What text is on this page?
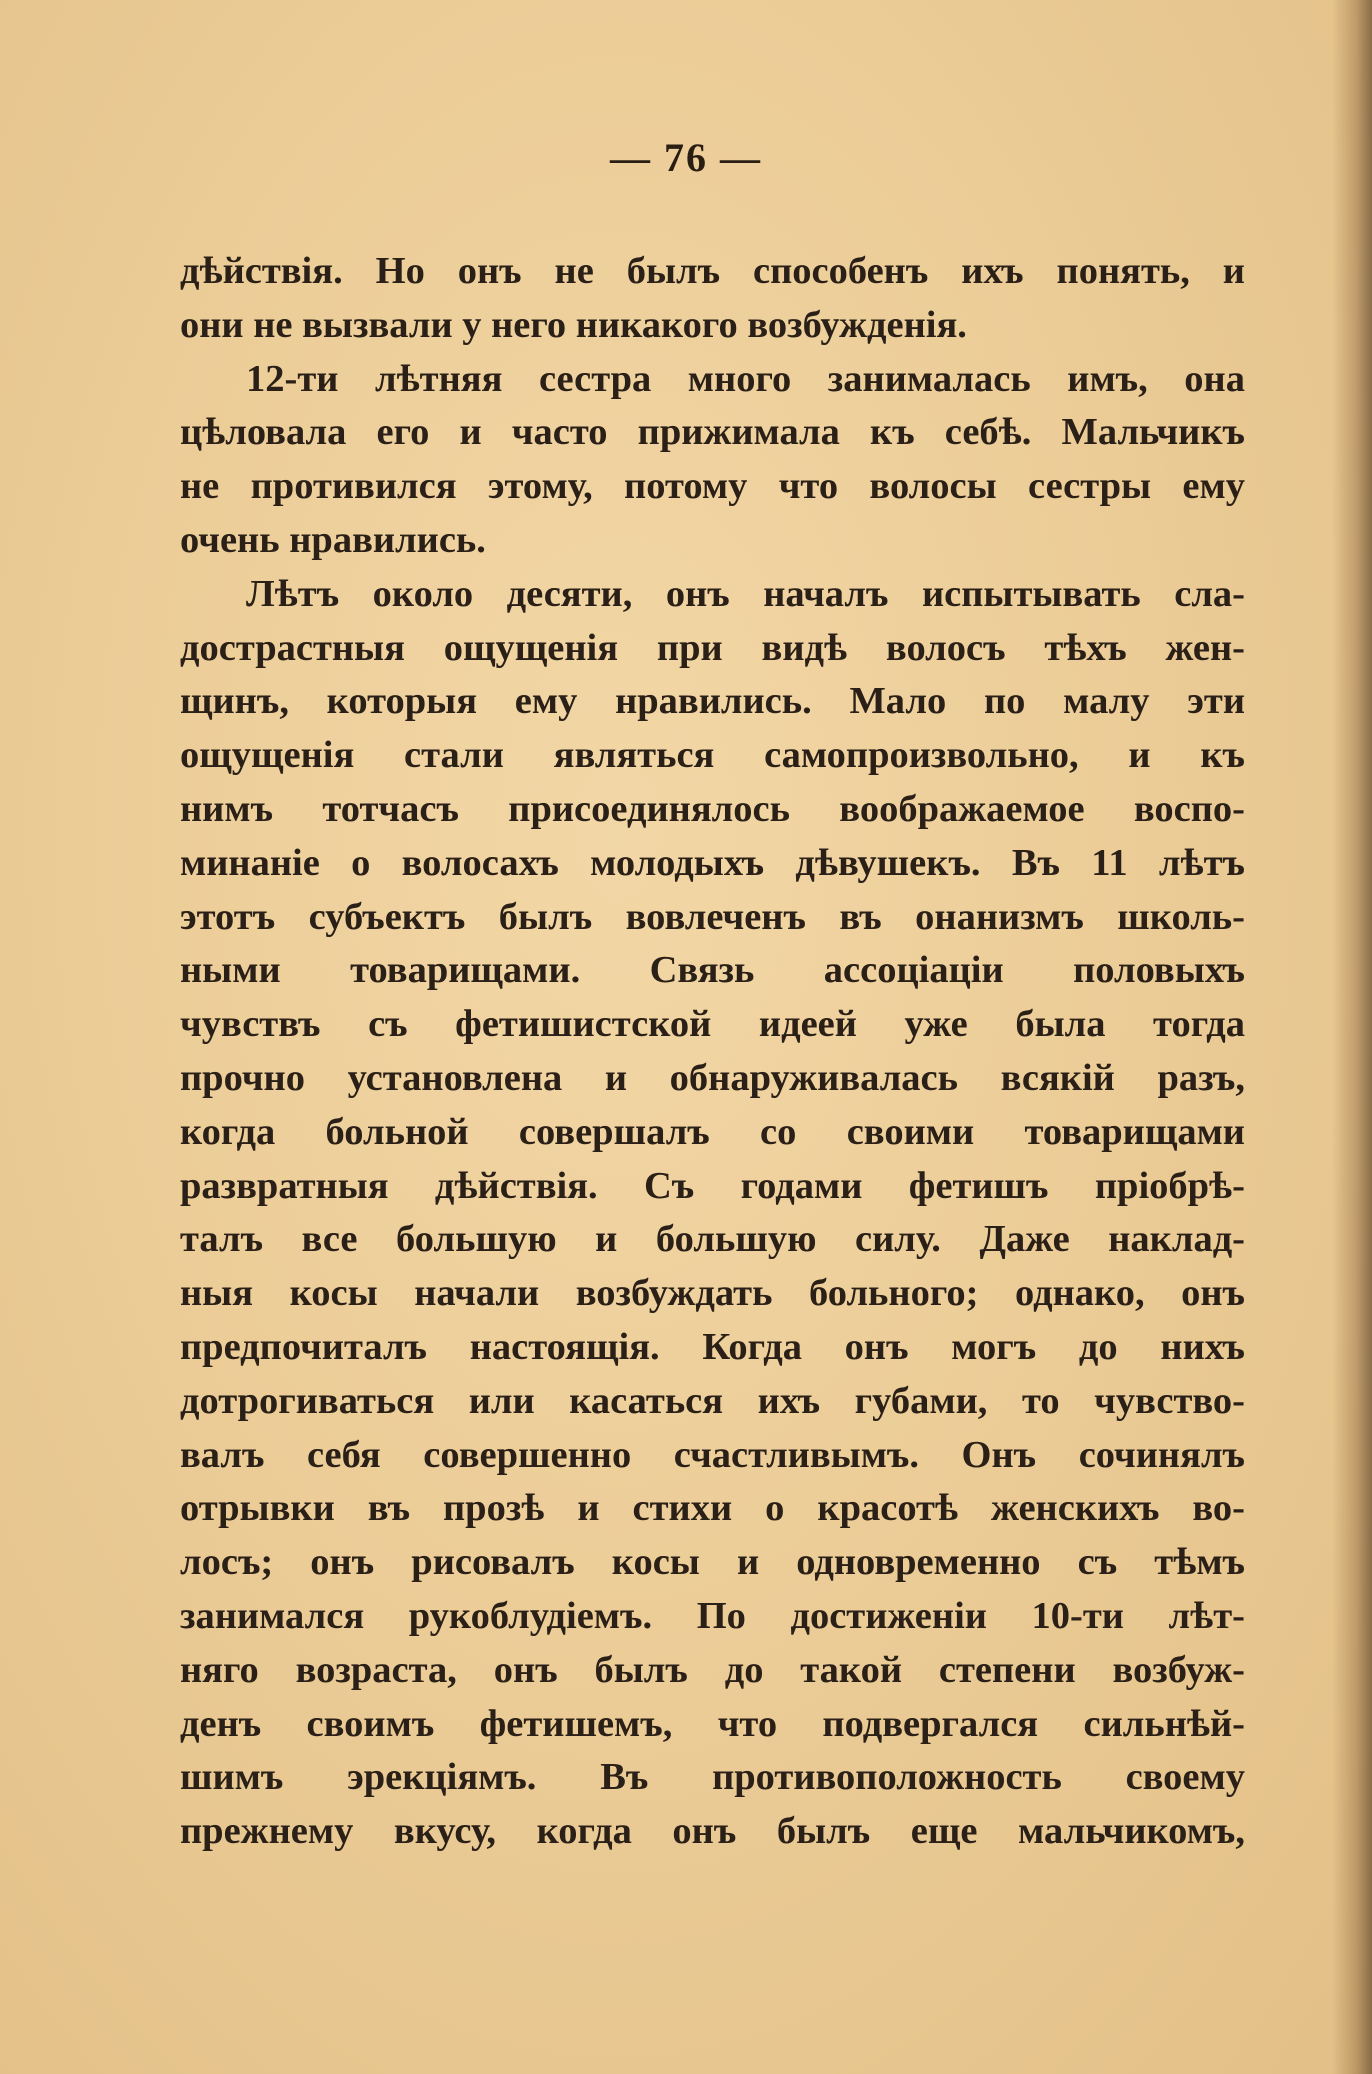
— 76 —
дѣйствія. Но онъ не былъ способенъ ихъ понять, и
они не вызвали у него никакого возбужденія.
12-ти лѣтняя сестра много занималась имъ, она
цѣловала его и часто прижимала къ себѣ. Мальчикъ
не противился этому, потому что волосы сестры ему
очень нравились.
Лѣтъ около десяти, онъ началъ испытывать сла-
дострастныя ощущенія при видѣ волосъ тѣхъ жен-
щинъ, которыя ему нравились. Мало по малу эти
ощущенія стали являться самопроизвольно, и къ
нимъ тотчасъ присоединялось воображаемое воспо-
минаніе о волосахъ молодыхъ дѣвушекъ. Въ 11 лѣтъ
этотъ субъектъ былъ вовлеченъ въ онанизмъ школь-
ными товарищами. Связь ассоціаціи половыхъ
чувствъ съ фетишистской идеей уже была тогда
прочно установлена и обнаруживалась всякій разъ,
когда больной совершалъ со своими товарищами
развратныя дѣйствія. Съ годами фетишъ пріобрѣ-
талъ все большую и большую силу. Даже наклад-
ныя косы начали возбуждать больного; однако, онъ
предпочиталъ настоящія. Когда онъ могъ до нихъ
дотрогиваться или касаться ихъ губами, то чувство-
валъ себя совершенно счастливымъ. Онъ сочинялъ
отрывки въ прозѣ и стихи о красотѣ женскихъ во-
лосъ; онъ рисовалъ косы и одновременно съ тѣмъ
занимался рукоблудіемъ. По достиженіи 10-ти лѣт-
няго возраста, онъ былъ до такой степени возбуж-
денъ своимъ фетишемъ, что подвергался сильнѣй-
шимъ эрекціямъ. Въ противоположность своему
прежнему вкусу, когда онъ былъ еще мальчикомъ,
